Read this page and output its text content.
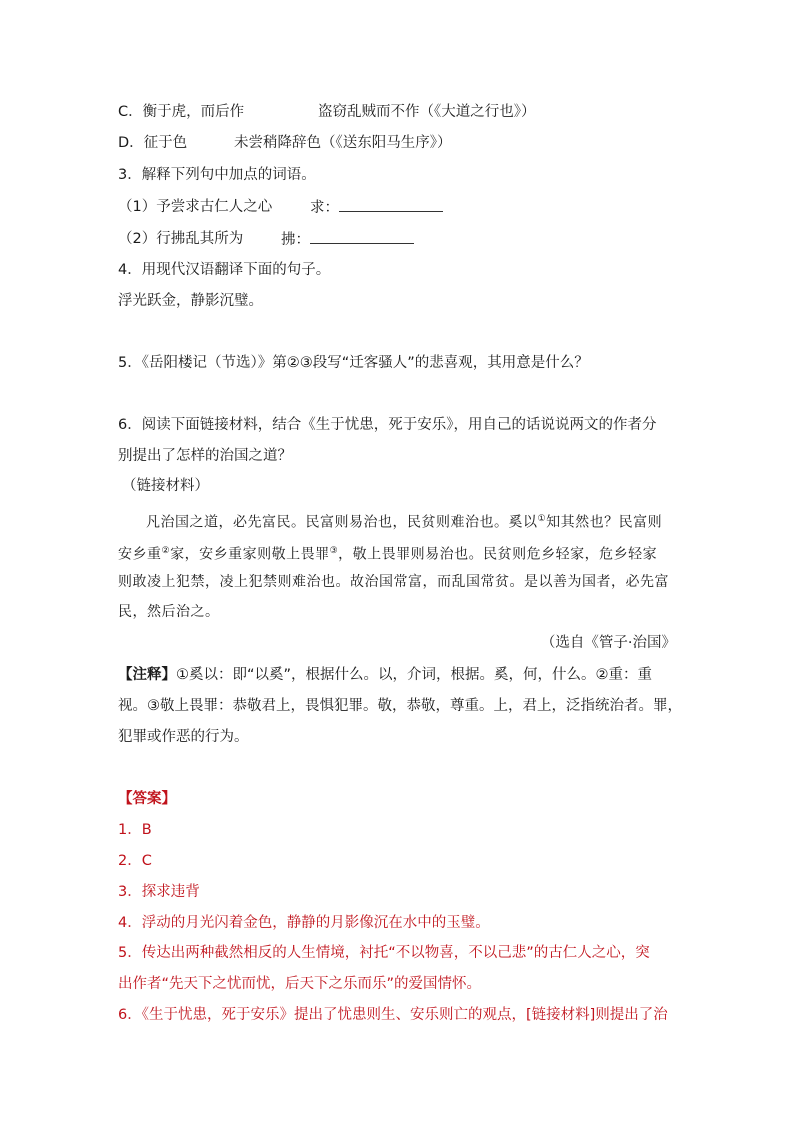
C．衡于虎，而后作	盗窃乱贼而不作（《大道之行也》）
D．征于色	未尝稍降辞色（《送东阳马生序》）
3．解释下列句中加点的词语。
（1）予尝求古仁人之心	求：
（2）行拂乱其所为	拂：
4．用现代汉语翻译下面的句子。
浮光跃金，静影沉璧。
5．《岳阳楼记（节选）》第②③段写“迁客骚人”的悲喜观，其用意是什么？
6．阅读下面链接材料，结合《生于忧患，死于安乐》，用自己的话说说两文的作者分
别提出了怎样的治国之道？
（链接材料）
凡治国之道，必先富民。民富则易治也，民贫则难治也。奚以①知其然也？民富则
安乡重②家，安乡重家则敬上畏罪③，敬上畏罪则易治也。民贫则危乡轻家，危乡轻家
则敢凌上犯禁，凌上犯禁则难治也。故治国常富，而乱国常贫。是以善为国者，必先富
民，然后治之。
（选自《管子·治国》
【注释】①奚以：即“以奚”，根据什么。以，介词，根据。奚，何，什么。②重：重
视。③敬上畏罪：恭敬君上，畏惧犯罪。敬，恭敬，尊重。上，君上，泛指统治者。罪，
犯罪或作恶的行为。
【答案】
1．B
2．C
3．探求违背
4．浮动的月光闪着金色，静静的月影像沉在水中的玉璧。
5．传达出两种截然相反的人生情境，衬托“不以物喜，不以己悲”的古仁人之心，突
出作者“先天下之忧而忧，后天下之乐而乐”的爱国情怀。
6．《生于忧患，死于安乐》提出了忧患则生、安乐则亡的观点，[链接材料]则提出了治
